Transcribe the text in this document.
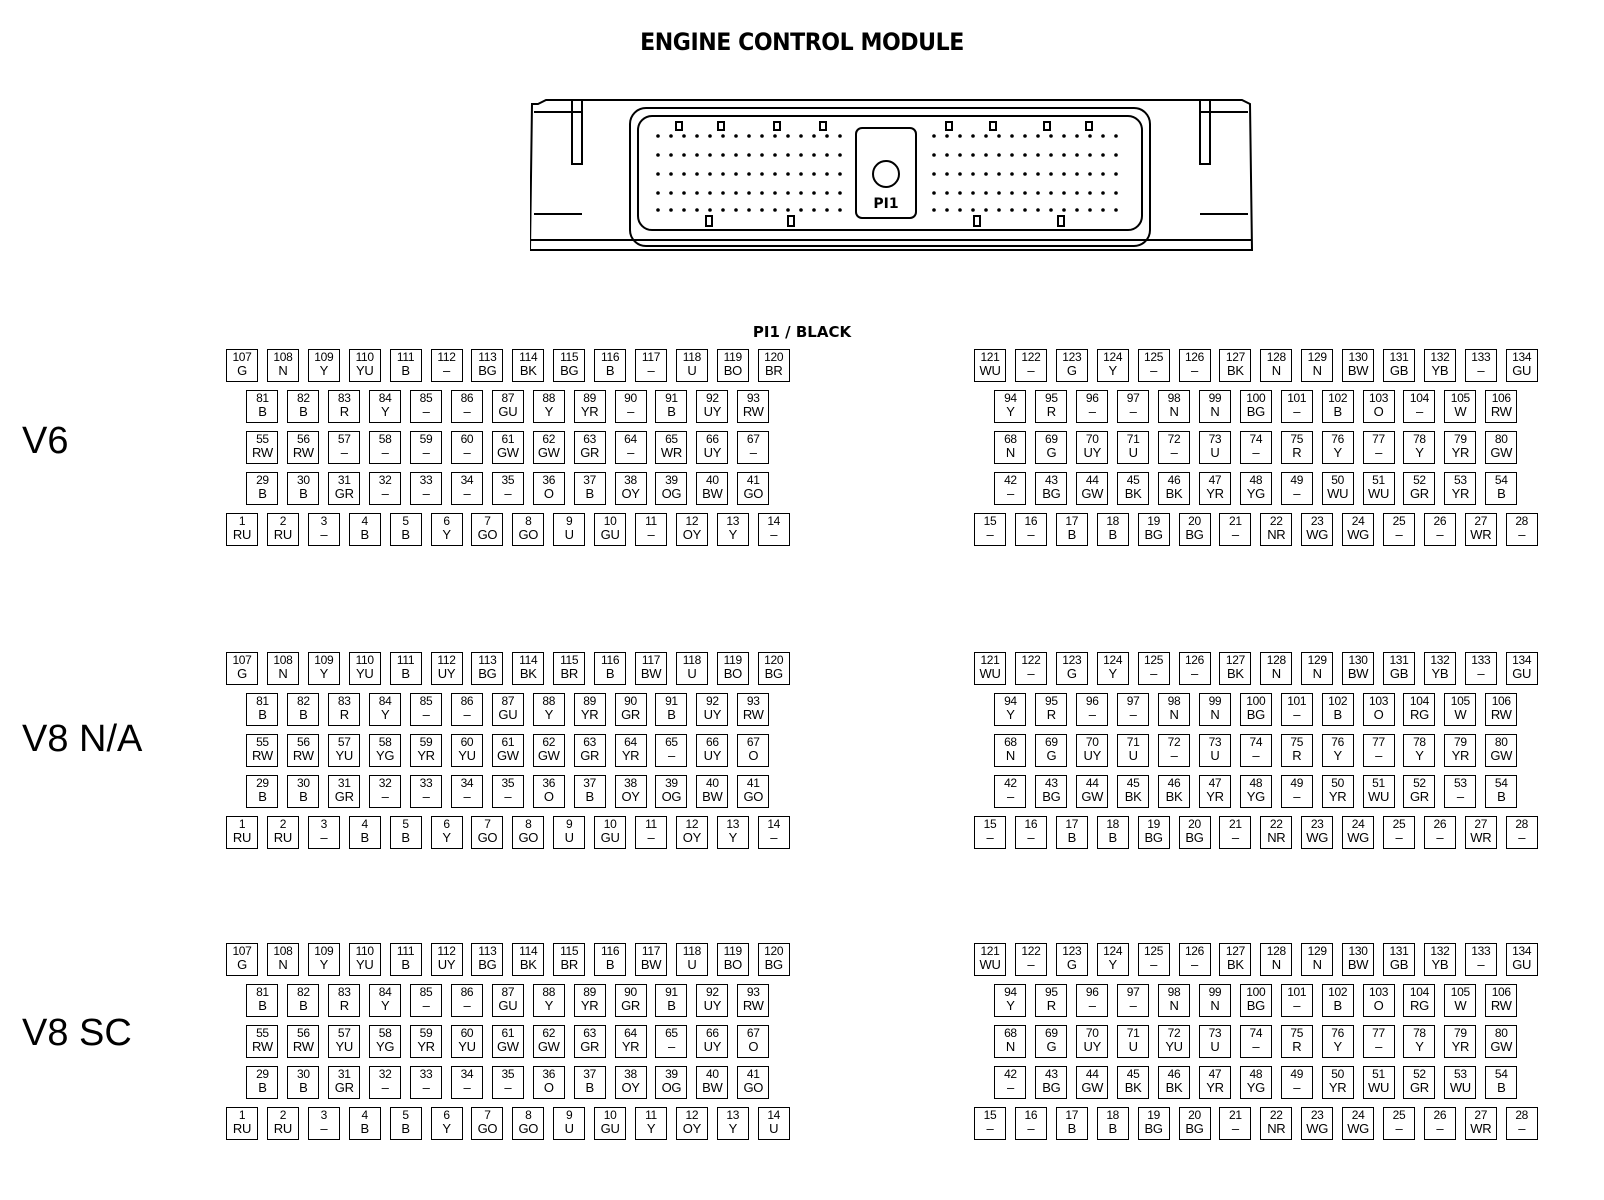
ENGINE CONTROL MODULE
PI1
PI1 / BLACK
V6
V8 N/A
V8 SC
107
G
108
N
109
Y
110
YU
111
B
112
–
113
BG
114
BK
115
BG
116
B
117
–
118
U
119
BO
120
BR
81
B
82
B
83
R
84
Y
85
–
86
–
87
GU
88
Y
89
YR
90
–
91
B
92
UY
93
RW
55
RW
56
RW
57
–
58
–
59
–
60
–
61
GW
62
GW
63
GR
64
–
65
WR
66
UY
67
–
29
B
30
B
31
GR
32
–
33
–
34
–
35
–
36
O
37
B
38
OY
39
OG
40
BW
41
GO
1
RU
2
RU
3
–
4
B
5
B
6
Y
7
GO
8
GO
9
U
10
GU
11
–
12
OY
13
Y
14
–
121
WU
122
–
123
G
124
Y
125
–
126
–
127
BK
128
N
129
N
130
BW
131
GB
132
YB
133
–
134
GU
94
Y
95
R
96
–
97
–
98
N
99
N
100
BG
101
–
102
B
103
O
104
–
105
W
106
RW
68
N
69
G
70
UY
71
U
72
–
73
U
74
–
75
R
76
Y
77
–
78
Y
79
YR
80
GW
42
–
43
BG
44
GW
45
BK
46
BK
47
YR
48
YG
49
–
50
WU
51
WU
52
GR
53
YR
54
B
15
–
16
–
17
B
18
B
19
BG
20
BG
21
–
22
NR
23
WG
24
WG
25
–
26
–
27
WR
28
–
107
G
108
N
109
Y
110
YU
111
B
112
UY
113
BG
114
BK
115
BR
116
B
117
BW
118
U
119
BO
120
BG
81
B
82
B
83
R
84
Y
85
–
86
–
87
GU
88
Y
89
YR
90
GR
91
B
92
UY
93
RW
55
RW
56
RW
57
YU
58
YG
59
YR
60
YU
61
GW
62
GW
63
GR
64
YR
65
–
66
UY
67
O
29
B
30
B
31
GR
32
–
33
–
34
–
35
–
36
O
37
B
38
OY
39
OG
40
BW
41
GO
1
RU
2
RU
3
–
4
B
5
B
6
Y
7
GO
8
GO
9
U
10
GU
11
–
12
OY
13
Y
14
–
121
WU
122
–
123
G
124
Y
125
–
126
–
127
BK
128
N
129
N
130
BW
131
GB
132
YB
133
–
134
GU
94
Y
95
R
96
–
97
–
98
N
99
N
100
BG
101
–
102
B
103
O
104
RG
105
W
106
RW
68
N
69
G
70
UY
71
U
72
–
73
U
74
–
75
R
76
Y
77
–
78
Y
79
YR
80
GW
42
–
43
BG
44
GW
45
BK
46
BK
47
YR
48
YG
49
–
50
YR
51
WU
52
GR
53
–
54
B
15
–
16
–
17
B
18
B
19
BG
20
BG
21
–
22
NR
23
WG
24
WG
25
–
26
–
27
WR
28
–
107
G
108
N
109
Y
110
YU
111
B
112
UY
113
BG
114
BK
115
BR
116
B
117
BW
118
U
119
BO
120
BG
81
B
82
B
83
R
84
Y
85
–
86
–
87
GU
88
Y
89
YR
90
GR
91
B
92
UY
93
RW
55
RW
56
RW
57
YU
58
YG
59
YR
60
YU
61
GW
62
GW
63
GR
64
YR
65
–
66
UY
67
O
29
B
30
B
31
GR
32
–
33
–
34
–
35
–
36
O
37
B
38
OY
39
OG
40
BW
41
GO
1
RU
2
RU
3
–
4
B
5
B
6
Y
7
GO
8
GO
9
U
10
GU
11
Y
12
OY
13
Y
14
U
121
WU
122
–
123
G
124
Y
125
–
126
–
127
BK
128
N
129
N
130
BW
131
GB
132
YB
133
–
134
GU
94
Y
95
R
96
–
97
–
98
N
99
N
100
BG
101
–
102
B
103
O
104
RG
105
W
106
RW
68
N
69
G
70
UY
71
U
72
YU
73
U
74
–
75
R
76
Y
77
–
78
Y
79
YR
80
GW
42
–
43
BG
44
GW
45
BK
46
BK
47
YR
48
YG
49
–
50
YR
51
WU
52
GR
53
WU
54
B
15
–
16
–
17
B
18
B
19
BG
20
BG
21
–
22
NR
23
WG
24
WG
25
–
26
–
27
WR
28
–
